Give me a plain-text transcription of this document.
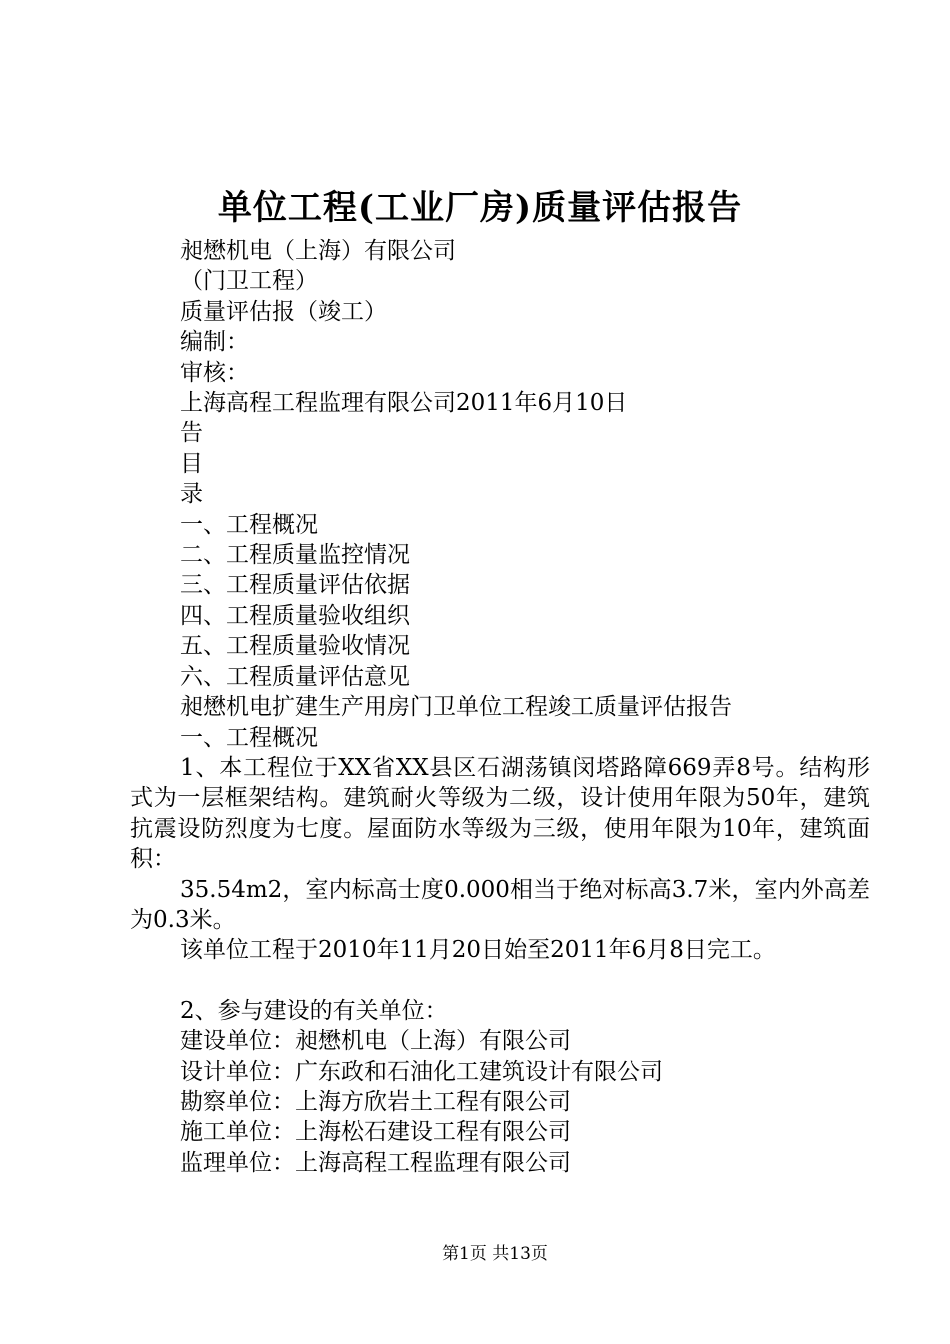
单位工程(工业厂房)质量评估报告

昶懋机电（上海）有限公司

（门卫工程）

质量评估报（竣工）

编制：

审核：

上海高程工程监理有限公司2011年6月10日

告

目

录

一、工程概况

二、工程质量监控情况

三、工程质量评估依据

四、工程质量验收组织

五、工程质量验收情况

六、工程质量评估意见

昶懋机电扩建生产用房门卫单位工程竣工质量评估报告

一、工程概况

1、本工程位于XX省XX县区石湖荡镇闵塔路障669弄8号。结构形式为一层框架结构。建筑耐火等级为二级，设计使用年限为50年，建筑抗震设防烈度为七度。屋面防水等级为三级，使用年限为10年，建筑面积：

35.54m2，室内标高士度0.000相当于绝对标高3.7米，室内外高差为0.3米。

该单位工程于2010年11月20日始至2011年6月8日完工。

2、参与建设的有关单位：

建设单位：昶懋机电（上海）有限公司

设计单位：广东政和石油化工建筑设计有限公司

勘察单位：上海方欣岩土工程有限公司

施工单位：上海松石建设工程有限公司

监理单位：上海高程工程监理有限公司

第1页 共13页
